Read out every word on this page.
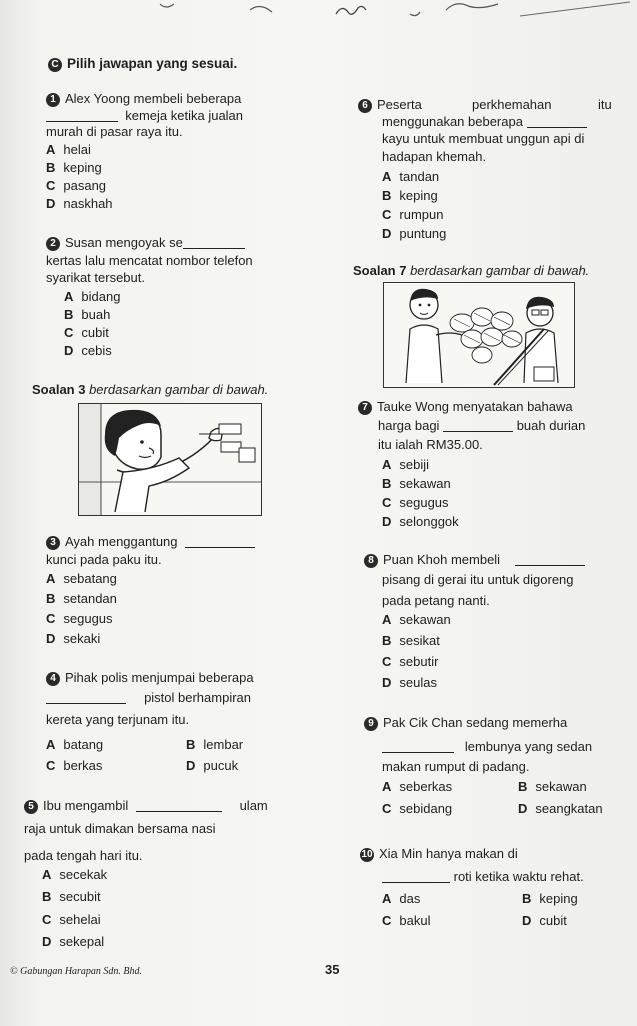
C Pilih jawapan yang sesuai.
1 Alex Yoong membeli beberapa
kemeja ketika jualan
murah di pasar raya itu.
A helai
B keping
C pasang
D naskhah
2 Susan mengoyak se
kertas lalu mencatat nombor telefon
syarikat tersebut.
A bidang
B buah
C cubit
D cebis
Soalan 3 berdasarkan gambar di bawah.
3 Ayah menggantung
kunci pada paku itu.
A sebatang
B setandan
C segugus
D sekaki
4 Pihak polis menjumpai beberapa
pistol berhampiran
kereta yang terjunam itu.
A batang	B lembar
C berkas	D pucuk
5 Ibu mengambil	ulam
raja untuk dimakan bersama nasi
pada tengah hari itu.
A secekak
B secubit
C sehelai
D sekepal
6 Peserta	perkhemahan	itu
menggunakan beberapa
kayu untuk membuat unggun api di
hadapan khemah.
A tandan
B keping
C rumpun
D puntung
Soalan 7 berdasarkan gambar di bawah.
7 Tauke Wong menyatakan bahawa
harga bagi	buah durian
itu ialah RM35.00.
A sebiji
B sekawan
C segugus
D selonggok
8 Puan Khoh membeli
pisang di gerai itu untuk digoreng
pada petang nanti.
A sekawan
B sesikat
C sebutir
D seulas
9 Pak Cik Chan sedang memerha
lembunya yang sedan
makan rumput di padang.
A seberkas	B sekawan
C sebidang	D seangkatan
10 Xia Min hanya makan di
roti ketika waktu rehat.
A das	B keping
C bakul	D cubit
© Gabungan Harapan Sdn. Bhd.	35
